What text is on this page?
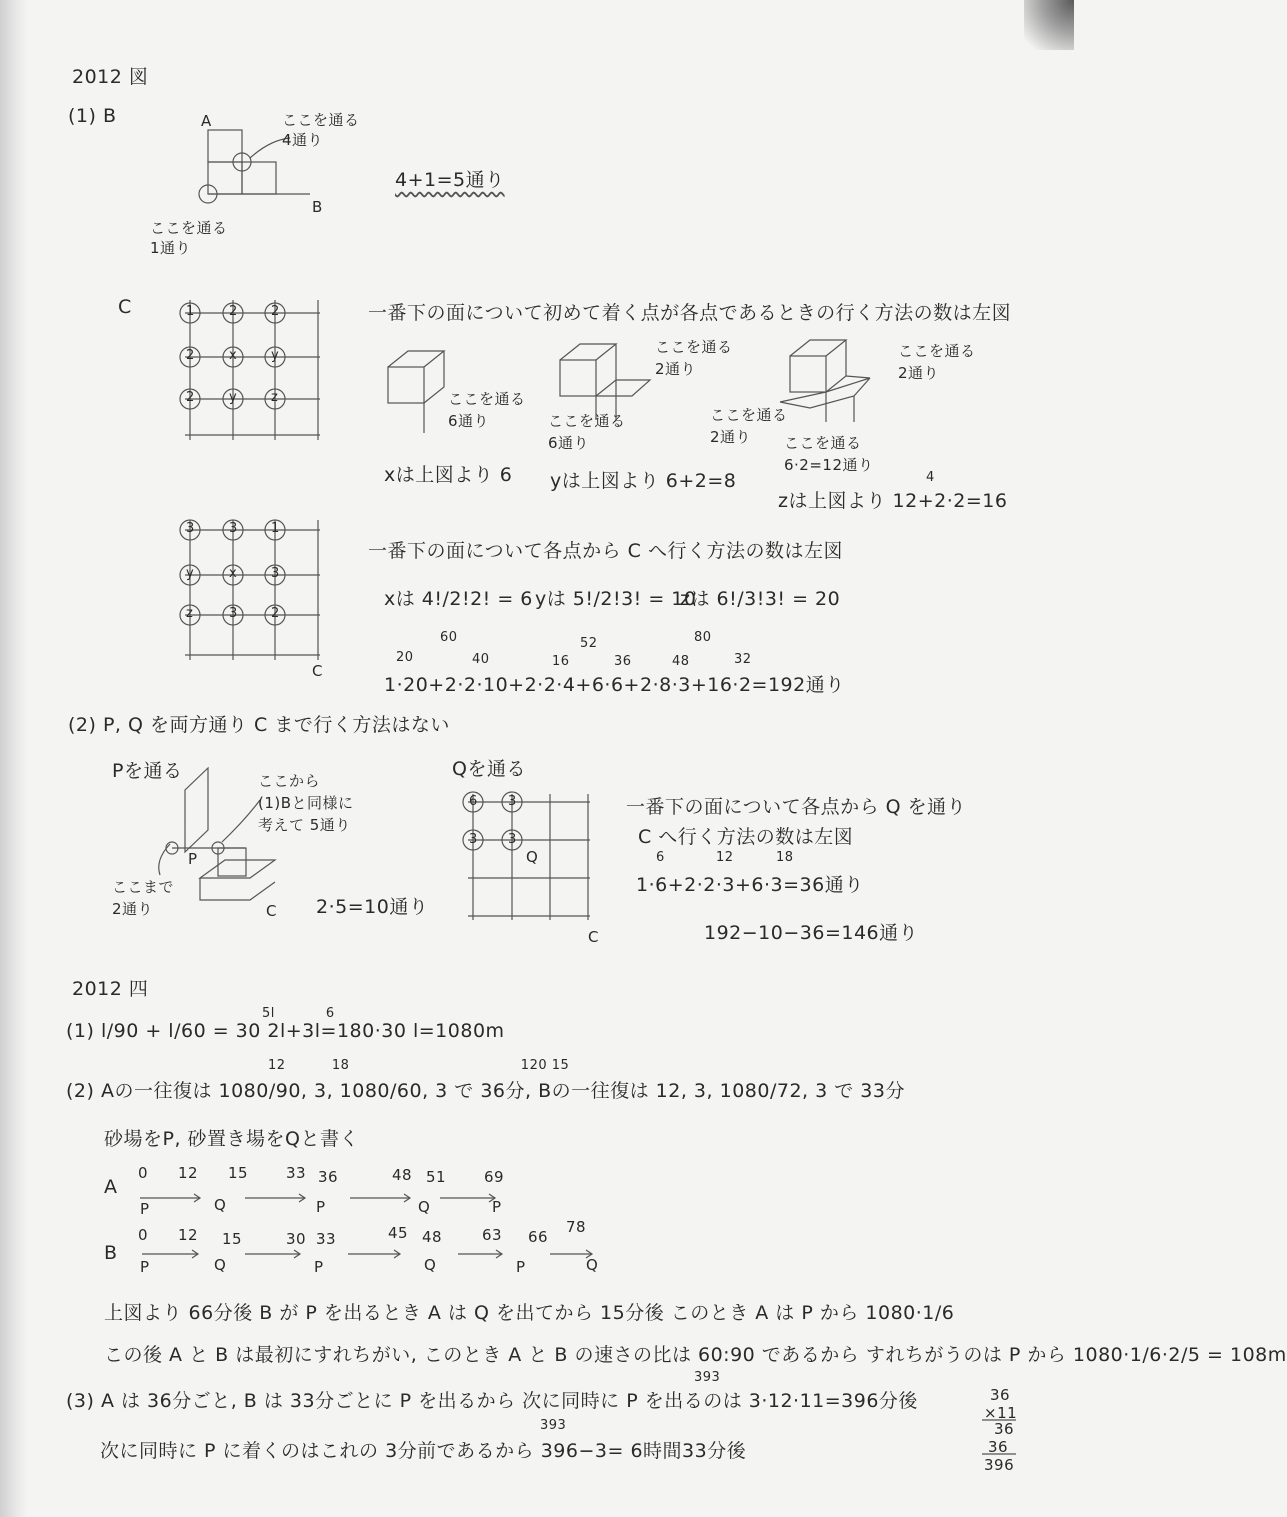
2012 図
(1) B	A
B
ここを通る
4通り
ここを通る
1通り
4+1=5通り
C	1	2	2
2	x	y
2	y	z
一番下の面について初めて着く点が各点であるときの行く方法の数は左図
ここを通る
6通り
ここを通る
2通り
ここを通る
6通り
ここを通る
2通り
ここを通る
2通り	ここを通る
6·2=12通り
xは上図より 6 yは上図より 6+2=8	4
zは上図より 12+2·2=16
3	3	1
y	x	3
z	3	2
C
一番下の面について各点から C へ行く方法の数は左図
xは 4!/2!2! = 6 yは 5!/2!3! = 10
zは 6!/3!3! = 20
60	52	80
20	40	16	36	48	32
1·20+2·2·10+2·2·4+6·6+2·8·3+16·2=192通り
(2) P, Q を両方通り C まで行く方法はない
Pを通る	ここから
(1)Bと同様に
考えて 5通り
ここまで
2通り
P
C 2·5=10通り
Qを通る
6 3
3 3
Q
C
一番下の面について各点から Q を通り
C へ行く方法の数は左図
6	12	18
1·6+2·2·3+6·3=36通り
192−10−36=146通り
2012 四
5l           6
(1) l/90 + l/60 = 30 2l+3l=180·30 l=1080m
12          18                                     120 15
(2) Aの一往復は 1080/90, 3, 1080/60, 3 で 36分, Bの一往復は 12, 3, 1080/72, 3 で 33分
砂場をP, 砂置き場をQと書く
A
0 12 15	33 36	48 51	69
P	Q	P	Q	P
B
0 12 15	30 33	45 48	63 66
78
P	Q	P	Q	P	Q
上図より 66分後 B が P を出るとき A は Q を出てから 15分後 このとき A は P から 1080·1/6
この後 A と B は最初にすれちがい, このとき A と B の速さの比は 60:90 であるから すれちがうのは P から 1080·1/6·2/5 = 108m
393
(3) A は 36分ごと, B は 33分ごとに P を出るから 次に同時に P を出るのは 3·12·11=396分後
393
次に同時に P に着くのはこれの 3分前であるから 396−3= 6時間33分後
36
×11
36
36
396
